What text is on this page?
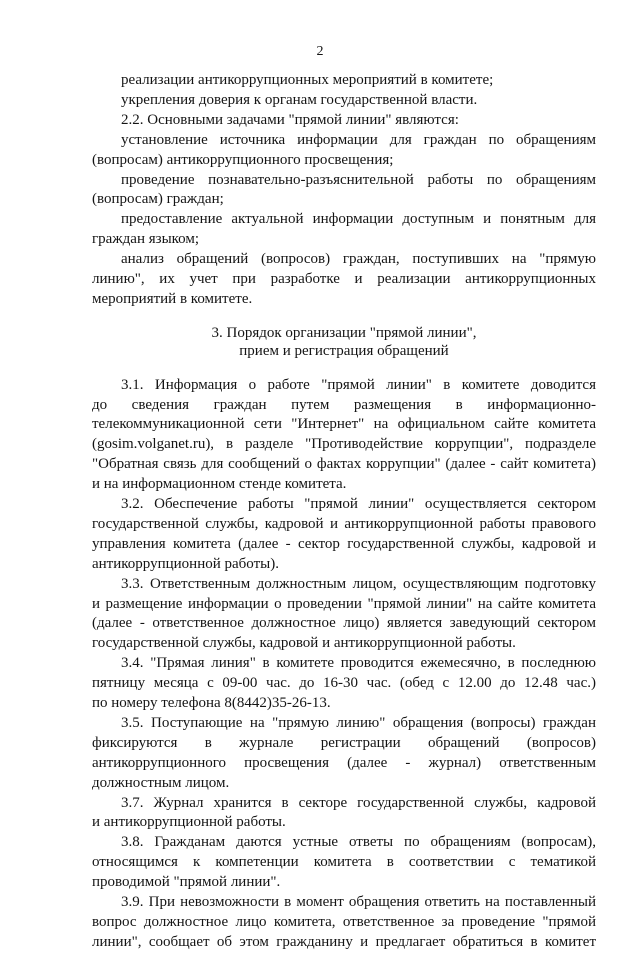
2
реализации антикоррупционных мероприятий в комитете;
укрепления доверия к органам государственной власти.
2.2. Основными задачами "прямой линии" являются:
установление источника информации для граждан по обращениям
(вопросам) антикоррупционного просвещения;
проведение познавательно-разъяснительной работы по обращениям
(вопросам) граждан;
предоставление актуальной информации доступным и понятным для
граждан языком;
анализ обращений (вопросов) граждан, поступивших на "прямую
линию", их учет при разработке и реализации антикоррупционных
мероприятий в комитете.
3. Порядок организации "прямой линии",
прием и регистрация обращений
3.1. Информация о работе "прямой линии" в комитете доводится
до сведения граждан путем размещения в информационно-
телекоммуникационной сети "Интернет" на официальном сайте комитета
(gosim.volganet.ru), в разделе "Противодействие коррупции", подразделе
"Обратная связь для сообщений о фактах коррупции" (далее - сайт комитета)
и на информационном стенде комитета.
3.2. Обеспечение работы "прямой линии" осуществляется сектором
государственной службы, кадровой и антикоррупционной работы правового
управления комитета (далее - сектор государственной службы, кадровой и
антикоррупционной работы).
3.3. Ответственным должностным лицом, осуществляющим подготовку
и размещение информации о проведении "прямой линии" на сайте комитета
(далее - ответственное должностное лицо) является заведующий сектором
государственной службы, кадровой и антикоррупционной работы.
3.4. "Прямая линия" в комитете проводится ежемесячно, в последнюю
пятницу месяца с 09-00 час. до 16-30 час. (обед с 12.00 до 12.48 час.)
по номеру телефона 8(8442)35-26-13.
3.5. Поступающие на "прямую линию" обращения (вопросы) граждан
фиксируются в журнале регистрации обращений (вопросов)
антикоррупционного просвещения (далее - журнал) ответственным
должностным лицом.
3.7. Журнал хранится в секторе государственной службы, кадровой
и антикоррупционной работы.
3.8. Гражданам даются устные ответы по обращениям (вопросам),
относящимся к компетенции комитета в соответствии с тематикой
проводимой "прямой линии".
3.9. При невозможности в момент обращения ответить на поставленный
вопрос должностное лицо комитета, ответственное за проведение "прямой
линии", сообщает об этом гражданину и предлагает обратиться в комитет
